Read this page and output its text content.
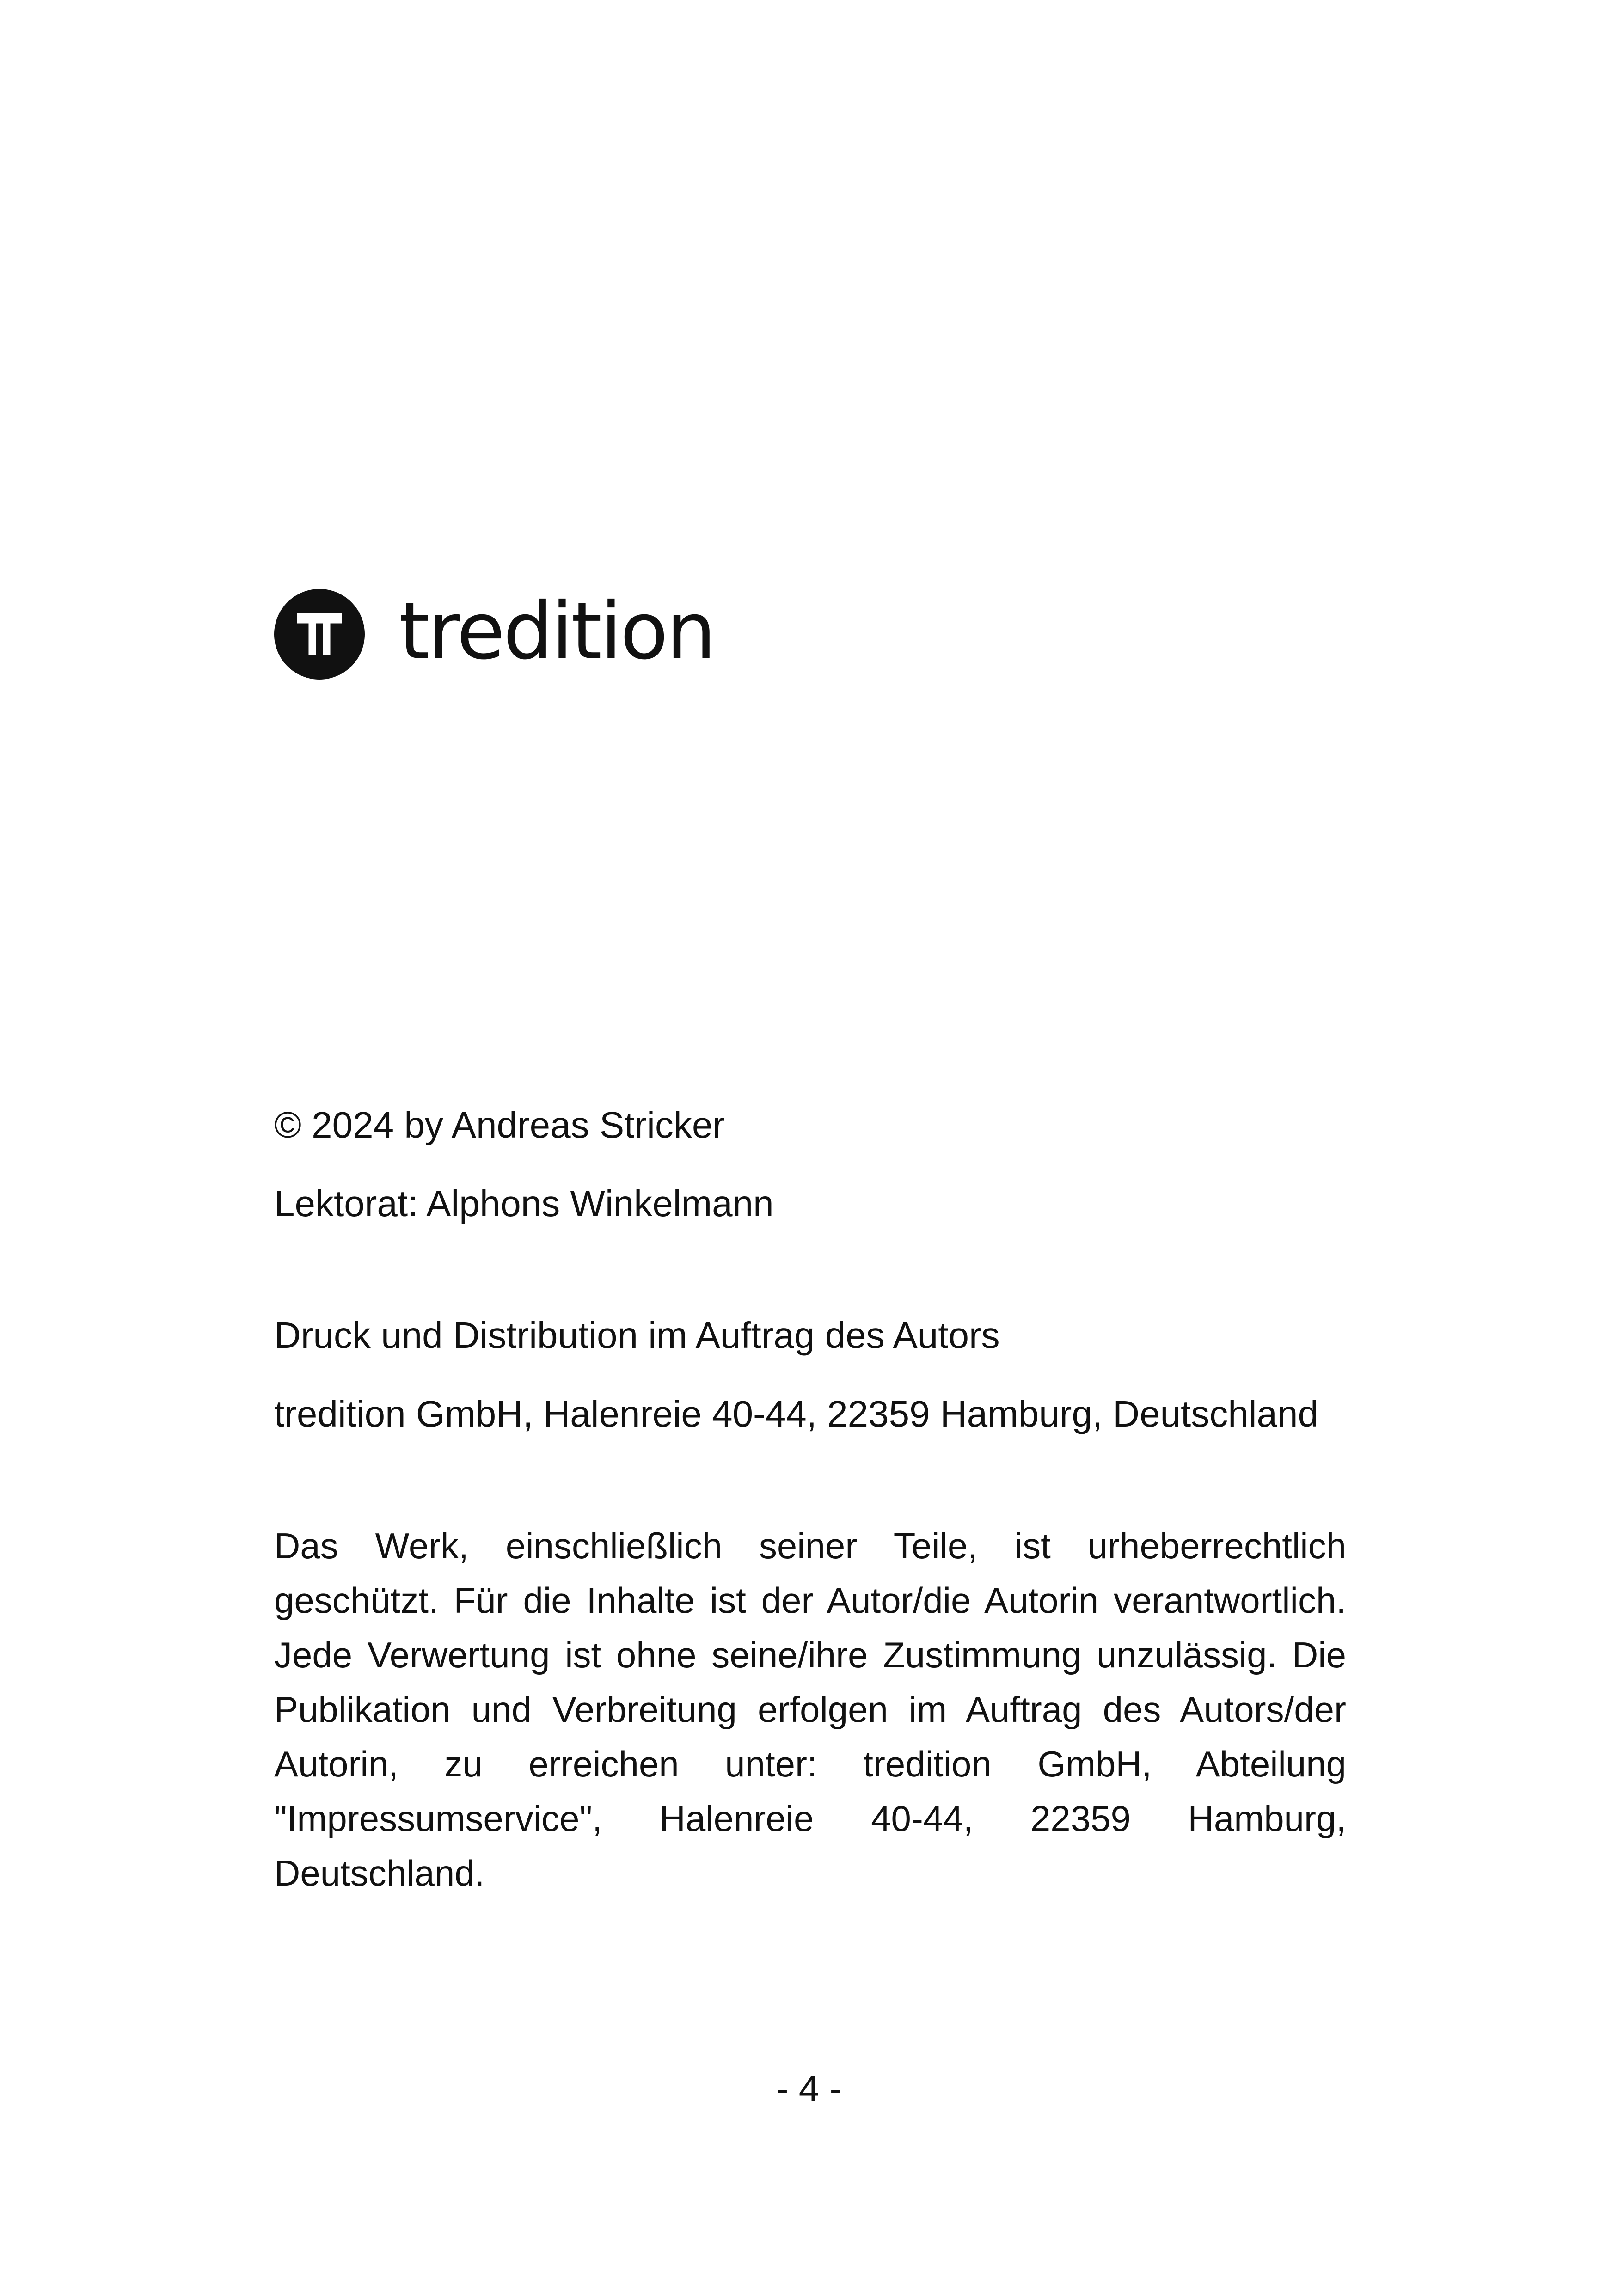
tredition
© 2024 by Andreas Stricker
Lektorat: Alphons Winkelmann
Druck und Distribution im Auftrag des Autors
tredition GmbH, Halenreie 40-44, 22359 Hamburg, Deutschland
Das Werk, einschließlich seiner Teile, ist urheberrechtlich geschützt. Für die Inhalte ist der Autor/die Autorin verantwortlich. Jede Verwertung ist ohne seine/ihre Zustimmung unzulässig. Die Publikation und Verbreitung erfolgen im Auftrag des Autors/der Autorin, zu erreichen unter: tredition GmbH, Abteilung "Impressumservice", Halenreie 40-44, 22359 Hamburg, Deutschland.
- 4 -
